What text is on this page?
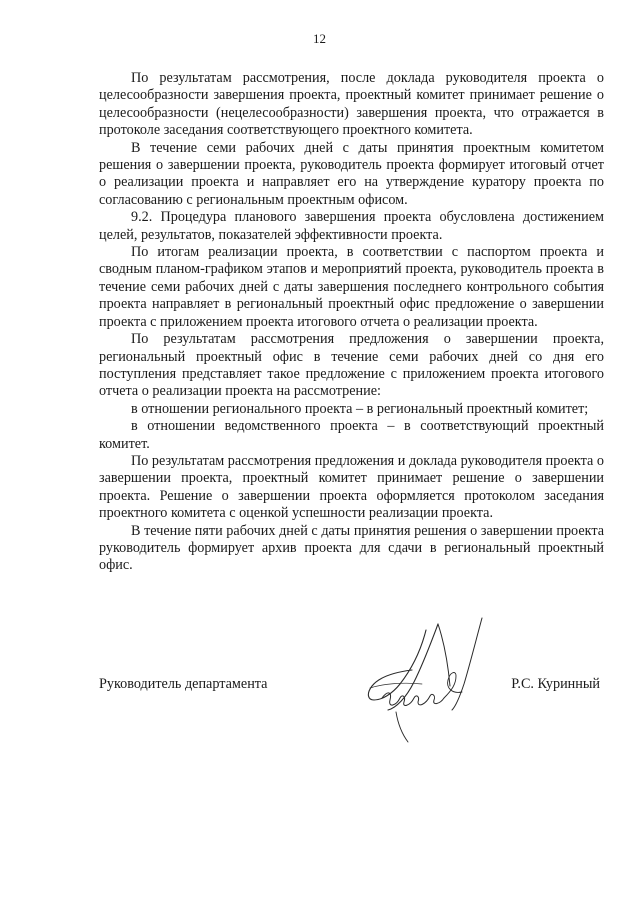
12

По результатам рассмотрения, после доклада руководителя проекта о целесообразности завершения проекта, проектный комитет принимает решение о целесообразности (нецелесообразности) завершения проекта, что отражается в протоколе заседания соответствующего проектного комитета.

В течение семи рабочих дней с даты принятия проектным комитетом решения о завершении проекта, руководитель проекта формирует итоговый отчет о реализации проекта и направляет его на утверждение куратору проекта по согласованию с региональным проектным офисом.

9.2. Процедура планового завершения проекта обусловлена достижением целей, результатов, показателей эффективности проекта.

По итогам реализации проекта, в соответствии с паспортом проекта и сводным планом-графиком этапов и мероприятий проекта, руководитель проекта в течение семи рабочих дней с даты завершения последнего контрольного события проекта направляет в региональный проектный офис предложение о завершении проекта с приложением проекта итогового отчета о реализации проекта.

По результатам рассмотрения предложения о завершении проекта, региональный проектный офис в течение семи рабочих дней со дня его поступления представляет такое предложение с приложением проекта итогового отчета о реализации проекта на рассмотрение:

в отношении регионального проекта – в региональный проектный комитет;

в отношении ведомственного проекта – в соответствующий проектный комитет.

По результатам рассмотрения предложения и доклада руководителя проекта о завершении проекта, проектный комитет принимает решение о завершении проекта. Решение о завершении проекта оформляется протоколом заседания проектного комитета с оценкой успешности реализации проекта.

В течение пяти рабочих дней с даты принятия решения о завершении проекта руководитель формирует архив проекта для сдачи в региональный проектный офис.

Руководитель департамента	Р.С. Куринный
